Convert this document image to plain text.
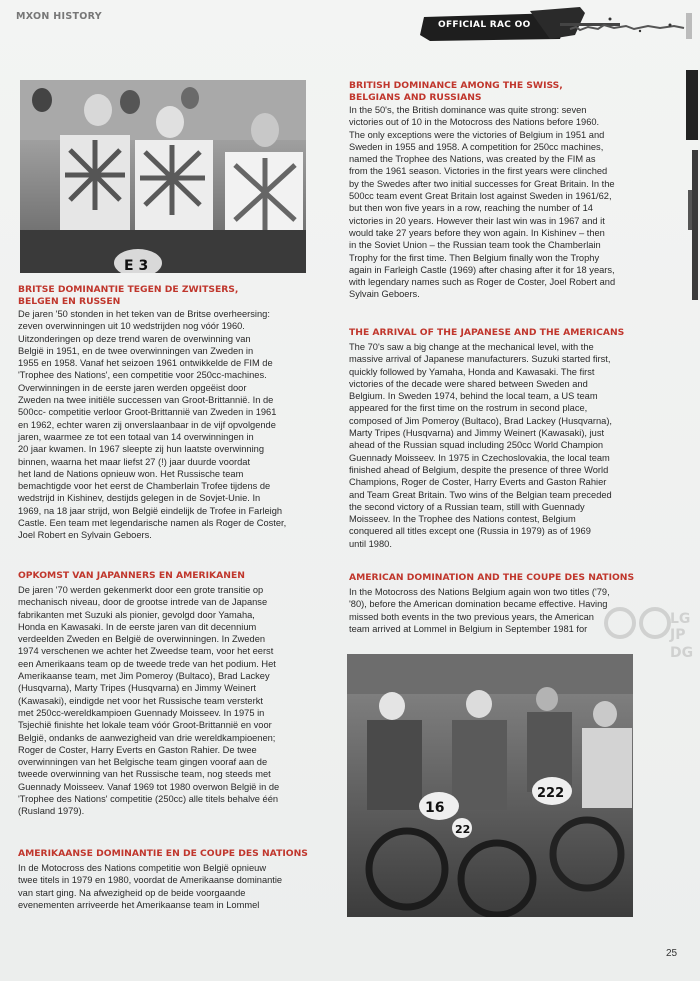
MXON HISTORY
OFFICIAL RAC OO
E 3
BRITSE DOMINANTIE TEGEN DE ZWITSERS,
BELGEN EN RUSSEN

De jaren '50 stonden in het teken van de Britse overheersing:
zeven overwinningen uit 10 wedstrijden nog vóór 1960.
Uitzonderingen op deze trend waren de overwinning van
België in 1951, en de twee overwinningen van Zweden in
1955 en 1958. Vanaf het seizoen 1961 ontwikkelde de FIM de
'Trophee des Nations', een competitie voor 250cc-machines.
Overwinningen in de eerste jaren werden opgeëist door
Zweden na twee initiële successen van Groot-Brittannië. In de
500cc- competitie verloor Groot-Brittannië van Zweden in 1961
en 1962, echter waren zij onverslaanbaar in de vijf opvolgende
jaren, waarmee ze tot een totaal van 14 overwinningen in
20 jaar kwamen. In 1967 sleepte zij hun laatste overwinning
binnen, waarna het maar liefst 27 (!) jaar duurde voordat
het land de Nations opnieuw won. Het Russische team
bemachtigde voor het eerst de Chamberlain Trofee tijdens de
wedstrijd in Kishinev, destijds gelegen in de Sovjet-Unie. In
1969, na 18 jaar strijd, won België eindelijk de Trofee in Farleigh
Castle. Een team met legendarische namen als Roger de Coster,
Joel Robert en Sylvain Geboers.

OPKOMST VAN JAPANNERS EN AMERIKANEN

De jaren '70 werden gekenmerkt door een grote transitie op
mechanisch niveau, door de grootse intrede van de Japanse
fabrikanten met Suzuki als pionier, gevolgd door Yamaha,
Honda en Kawasaki. In de eerste jaren van dit decennium
verdeelden Zweden en België de overwinningen. In Zweden
1974 verschenen we achter het Zweedse team, voor het eerst
een Amerikaans team op de tweede trede van het podium. Het
Amerikaanse team, met Jim Pomeroy (Bultaco), Brad Lackey
(Husqvarna), Marty Tripes (Husqvarna) en Jimmy Weinert
(Kawasaki), eindigde net voor het Russische team versterkt
met 250cc-wereldkampioen Guennady Moisseev. In 1975 in
Tsjechië finishte het lokale team vóór Groot-Brittannië en voor
België, ondanks de aanwezigheid van drie wereldkampioenen;
Roger de Coster, Harry Everts en Gaston Rahier. De twee
overwinningen van het Belgische team gingen vooraf aan de
tweede overwinning van het Russische team, nog steeds met
Guennady Moisseev. Vanaf 1969 tot 1980 overwon België in de
'Trophee des Nations' competitie (250cc) alle titels behalve één
(Rusland 1979).

AMERIKAANSE DOMINANTIE EN DE COUPE DES NATIONS

In de Motocross des Nations competitie won België opnieuw
twee titels in 1979 en 1980, voordat de Amerikaanse dominantie
van start ging. Na afwezigheid op de beide voorgaande
evenementen arriveerde het Amerikaanse team in Lommel

BRITISH DOMINANCE AMONG THE SWISS,
BELGIANS AND RUSSIANS

In the 50's, the British dominance was quite strong: seven
victories out of 10 in the Motocross des Nations before 1960.
The only exceptions were the victories of Belgium in 1951 and
Sweden in 1955 and 1958. A competition for 250cc machines,
named the Trophee des Nations, was created by the FIM as
from the 1961 season. Victories in the first years were clinched
by the Swedes after two initial successes for Great Britain. In the
500cc team event Great Britain lost against Sweden in 1961/62,
but then won five years in a row, reaching the number of 14
victories in 20 years. However their last win was in 1967 and it
would take 27 years before they won again. In Kishinev – then
in the Soviet Union – the Russian team took the Chamberlain
Trophy for the first time. Then Belgium finally won the Trophy
again in Farleigh Castle (1969) after chasing after it for 18 years,
with legendary names such as Roger de Coster, Joel Robert and
Sylvain Geboers.

THE ARRIVAL OF THE JAPANESE AND THE AMERICANS

The 70's saw a big change at the mechanical level, with the
massive arrival of Japanese manufacturers. Suzuki started first,
quickly followed by Yamaha, Honda and Kawasaki. The first
victories of the decade were shared between Sweden and
Belgium. In Sweden 1974, behind the local team, a US team
appeared for the first time on the rostrum in second place,
composed of Jim Pomeroy (Bultaco), Brad Lackey (Husqvarna),
Marty Tripes (Husqvarna) and Jimmy Weinert (Kawasaki), just
ahead of the Russian squad including 250cc World Champion
Guennady Moisseev. In 1975 in Czechoslovakia, the local team
finished ahead of Belgium, despite the presence of three World
Champions, Roger de Coster, Harry Everts and Gaston Rahier
and Team Great Britain. Two wins of the Belgian team preceded
the second victory of a Russian team, still with Guennady
Moisseev. In the Trophee des Nations contest, Belgium
conquered all titles except one (Russia in 1979) as of 1969
until 1980.

AMERICAN DOMINATION AND THE COUPE DES NATIONS

In the Motocross des Nations Belgium again won two titles ('79,
'80), before the American domination became effective. Having
missed both events in the two previous years, the American
team arrived at Lommel in Belgium in September 1981 for

16
22
222
LG
JP
DG
25
